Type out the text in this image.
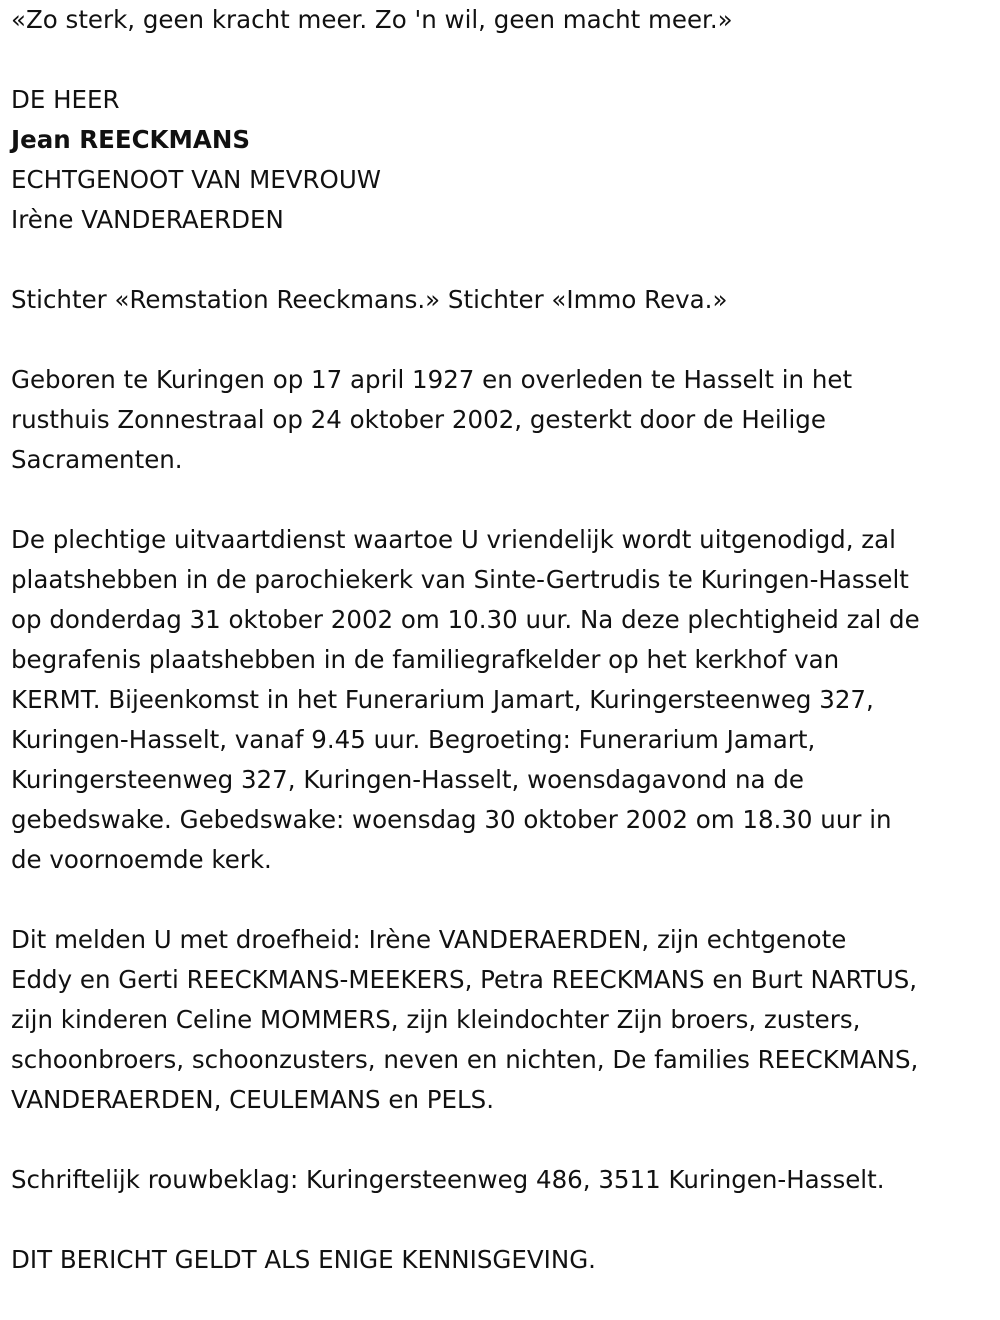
«Zo sterk, geen kracht meer. Zo 'n wil, geen macht meer.»

DE HEER

Jean REECKMANS

ECHTGENOOT VAN MEVROUW

Irène VANDERAERDEN

Stichter «Remstation Reeckmans.» Stichter «Immo Reva.»

Geboren te Kuringen op 17 april 1927 en overleden te Hasselt in het

rusthuis Zonnestraal op 24 oktober 2002, gesterkt door de Heilige

Sacramenten.

De plechtige uitvaartdienst waartoe U vriendelijk wordt uitgenodigd, zal

plaatshebben in de parochiekerk van Sinte-Gertrudis te Kuringen-Hasselt

op donderdag 31 oktober 2002 om 10.30 uur. Na deze plechtigheid zal de

begrafenis plaatshebben in de familiegrafkelder op het kerkhof van

KERMT. Bijeenkomst in het Funerarium Jamart, Kuringersteenweg 327,

Kuringen-Hasselt, vanaf 9.45 uur. Begroeting: Funerarium Jamart,

Kuringersteenweg 327, Kuringen-Hasselt, woensdagavond na de

gebedswake. Gebedswake: woensdag 30 oktober 2002 om 18.30 uur in

de voornoemde kerk.

Dit melden U met droefheid: Irène VANDERAERDEN, zijn echtgenote

Eddy en Gerti REECKMANS-MEEKERS, Petra REECKMANS en Burt NARTUS,

zijn kinderen Celine MOMMERS, zijn kleindochter Zijn broers, zusters,

schoonbroers, schoonzusters, neven en nichten, De families REECKMANS,

VANDERAERDEN, CEULEMANS en PELS.

Schriftelijk rouwbeklag: Kuringersteenweg 486, 3511 Kuringen-Hasselt.

DIT BERICHT GELDT ALS ENIGE KENNISGEVING.
